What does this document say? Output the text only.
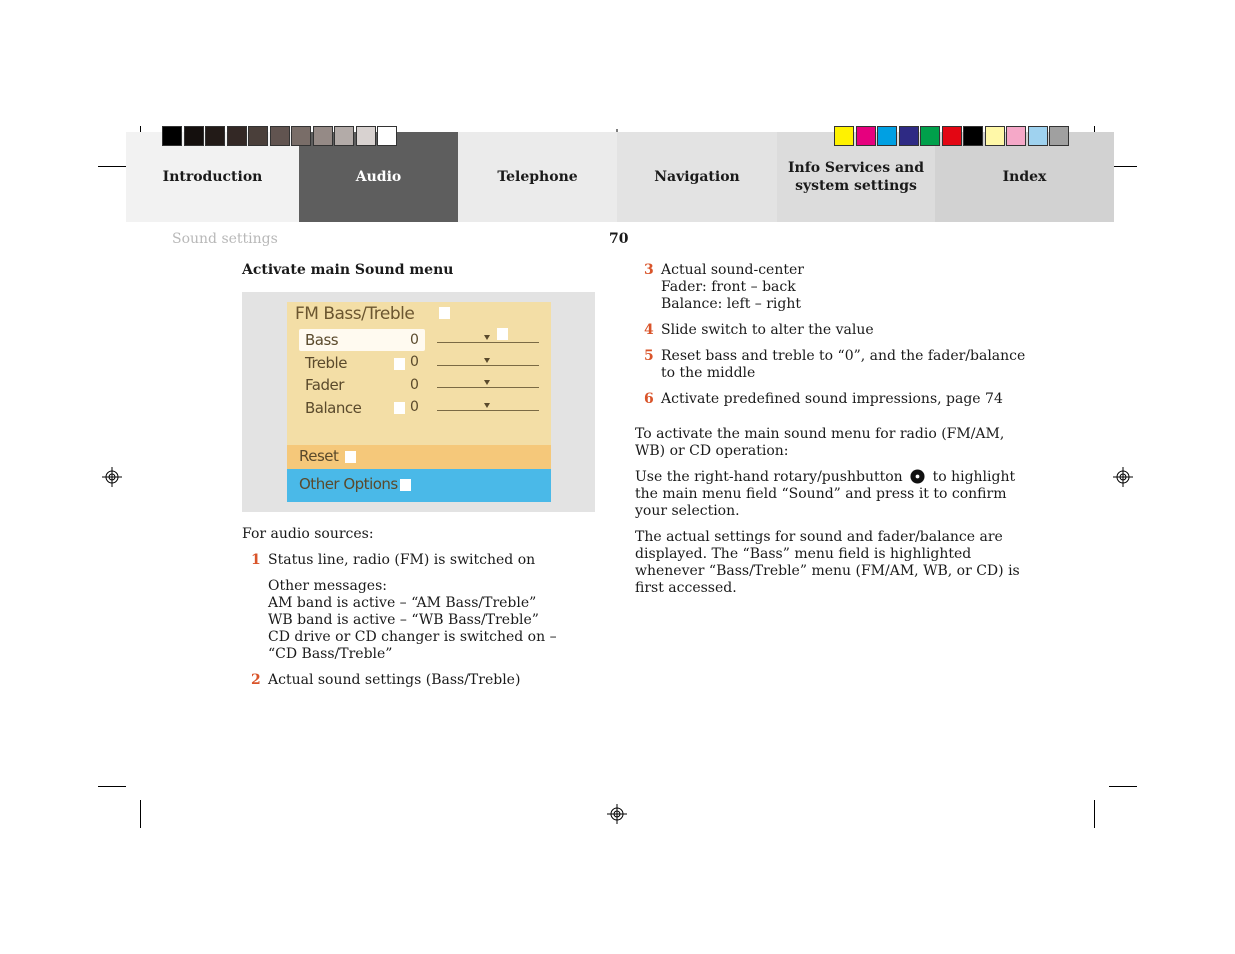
Introduction	Audio	Telephone	Navigation
Info Services and
system settings
Index
Sound settings	70
Activate main Sound menu
FM Bass/Treble
Bass	0
Treble	0
Fader	0
Balance	0
Reset
Other Options
For audio sources:
1 Status line, radio (FM) is switched on
Other messages:
AM band is active – “AM Bass/Treble”
WB band is active – “WB Bass/Treble”
CD drive or CD changer is switched on –
“CD Bass/Treble”
2 Actual sound settings (Bass/Treble)
3 Actual sound-center
Fader: front – back
Balance: left – right
4 Slide switch to alter the value
5 Reset bass and treble to “0”, and the fader/balance
to the middle
6 Activate predefined sound impressions, page 74
To activate the main sound menu for radio (FM/AM,
WB) or CD operation:
Use the right-hand rotary/pushbutton to highlight
the main menu field “Sound” and press it to confirm
your selection.
The actual settings for sound and fader/balance are
displayed. The “Bass” menu field is highlighted
whenever “Bass/Treble” menu (FM/AM, WB, or CD) is
first accessed.
